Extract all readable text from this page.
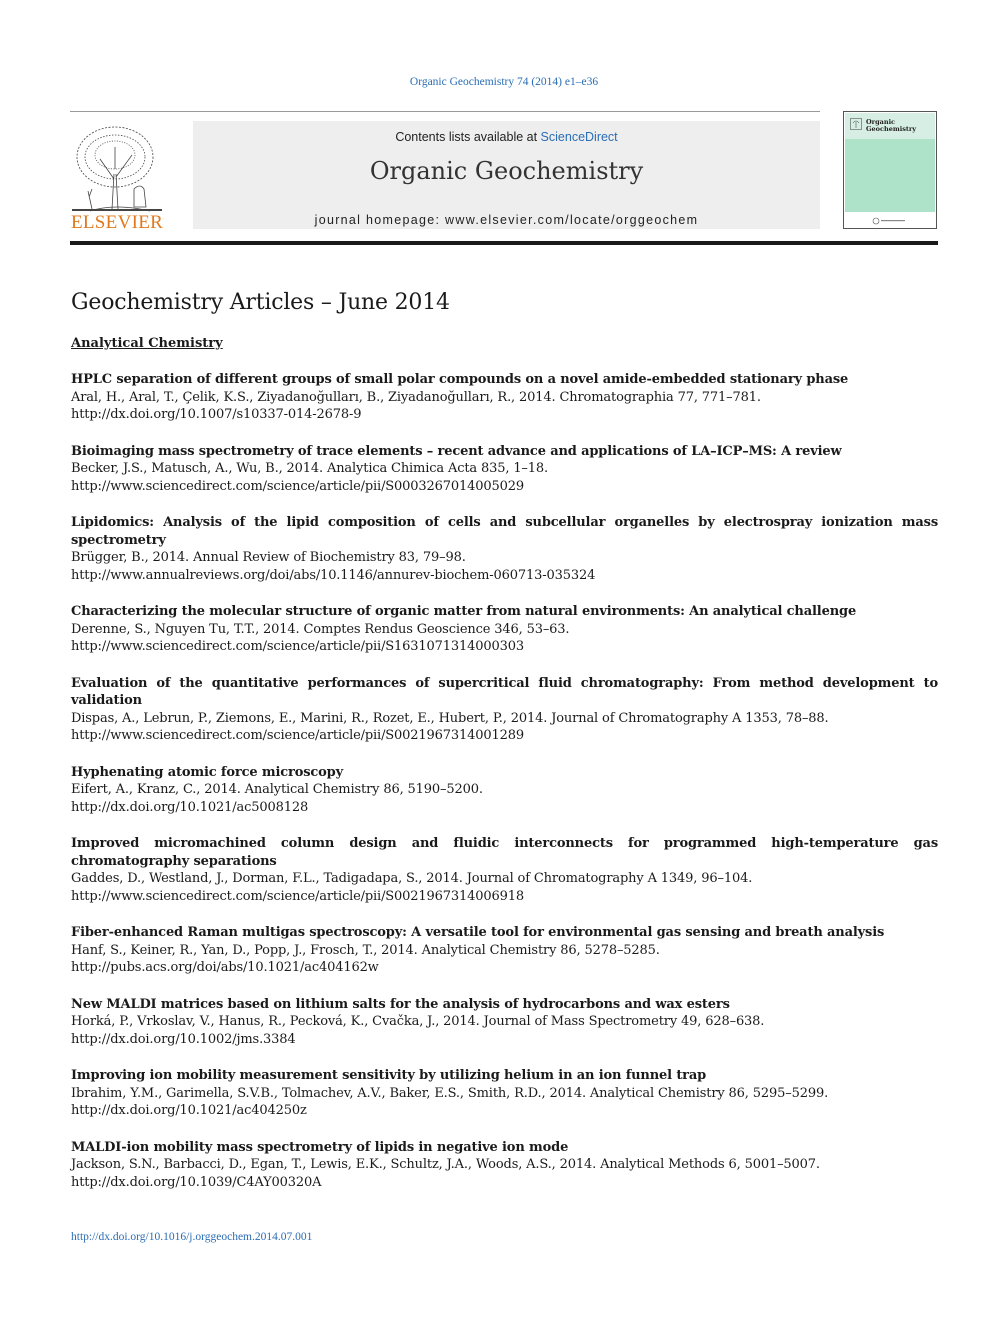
Organic Geochemistry 74 (2014) e1–e36
ELSEVIER
Contents lists available at ScienceDirect
Organic Geochemistry
journal homepage: www.elsevier.com/locate/orggeochem
Organic
Geochemistry
Geochemistry Articles – June 2014
Analytical Chemistry
HPLC separation of different groups of small polar compounds on a novel amide-embedded stationary phase
Aral, H., Aral, T., Çelik, K.S., Ziyadanoğulları, B., Ziyadanoğulları, R., 2014. Chromatographia 77, 771–781.
http://dx.doi.org/10.1007/s10337-014-2678-9
Bioimaging mass spectrometry of trace elements – recent advance and applications of LA–ICP–MS: A review
Becker, J.S., Matusch, A., Wu, B., 2014. Analytica Chimica Acta 835, 1–18.
http://www.sciencedirect.com/science/article/pii/S0003267014005029
Lipidomics: Analysis of the lipid composition of cells and subcellular organelles by electrospray ionization mass spectrometry
Brügger, B., 2014. Annual Review of Biochemistry 83, 79–98.
http://www.annualreviews.org/doi/abs/10.1146/annurev-biochem-060713-035324
Characterizing the molecular structure of organic matter from natural environments: An analytical challenge
Derenne, S., Nguyen Tu, T.T., 2014. Comptes Rendus Geoscience 346, 53–63.
http://www.sciencedirect.com/science/article/pii/S1631071314000303
Evaluation of the quantitative performances of supercritical fluid chromatography: From method development to validation
Dispas, A., Lebrun, P., Ziemons, E., Marini, R., Rozet, E., Hubert, P., 2014. Journal of Chromatography A 1353, 78–88.
http://www.sciencedirect.com/science/article/pii/S0021967314001289
Hyphenating atomic force microscopy
Eifert, A., Kranz, C., 2014. Analytical Chemistry 86, 5190–5200.
http://dx.doi.org/10.1021/ac5008128
Improved micromachined column design and fluidic interconnects for programmed high-temperature gas chromatography separations
Gaddes, D., Westland, J., Dorman, F.L., Tadigadapa, S., 2014. Journal of Chromatography A 1349, 96–104.
http://www.sciencedirect.com/science/article/pii/S0021967314006918
Fiber-enhanced Raman multigas spectroscopy: A versatile tool for environmental gas sensing and breath analysis
Hanf, S., Keiner, R., Yan, D., Popp, J., Frosch, T., 2014. Analytical Chemistry 86, 5278–5285.
http://pubs.acs.org/doi/abs/10.1021/ac404162w
New MALDI matrices based on lithium salts for the analysis of hydrocarbons and wax esters
Horká, P., Vrkoslav, V., Hanus, R., Pecková, K., Cvačka, J., 2014. Journal of Mass Spectrometry 49, 628–638.
http://dx.doi.org/10.1002/jms.3384
Improving ion mobility measurement sensitivity by utilizing helium in an ion funnel trap
Ibrahim, Y.M., Garimella, S.V.B., Tolmachev, A.V., Baker, E.S., Smith, R.D., 2014. Analytical Chemistry 86, 5295–5299.
http://dx.doi.org/10.1021/ac404250z
MALDI-ion mobility mass spectrometry of lipids in negative ion mode
Jackson, S.N., Barbacci, D., Egan, T., Lewis, E.K., Schultz, J.A., Woods, A.S., 2014. Analytical Methods 6, 5001–5007.
http://dx.doi.org/10.1039/C4AY00320A
http://dx.doi.org/10.1016/j.orggeochem.2014.07.001
